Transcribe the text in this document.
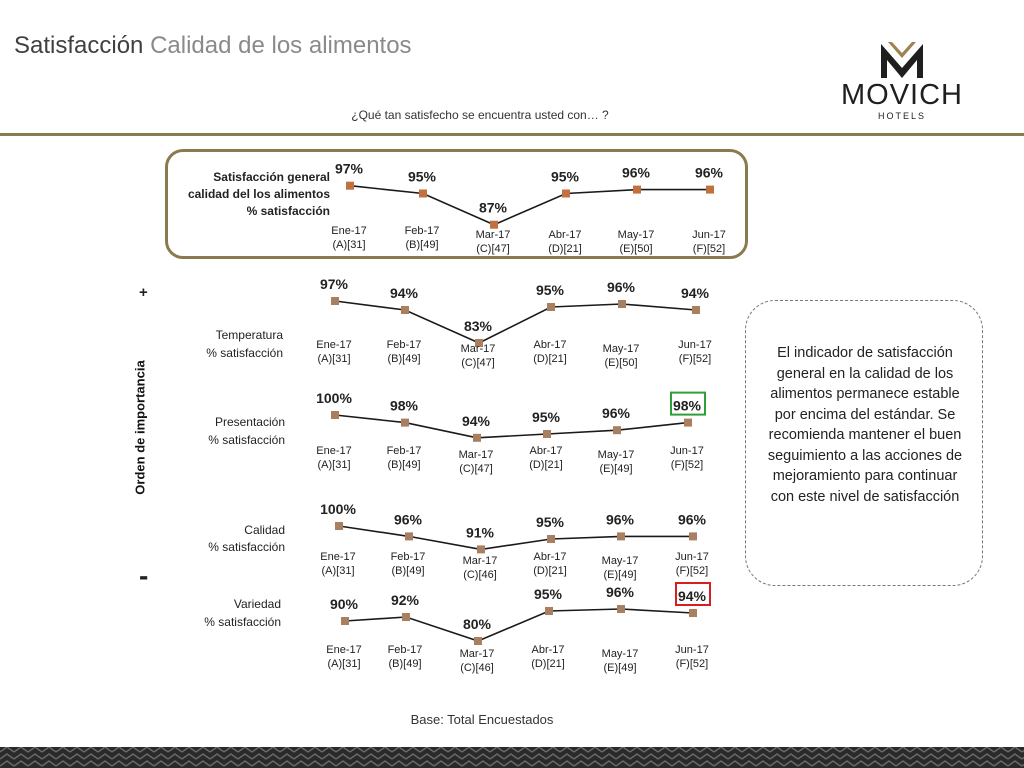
Satisfacción Calidad de los alimentos
¿Qué tan satisfecho se encuentra usted con… ?
MOVICH
HOTELS
97%
Ene-17
(A)[31]
95%
Feb-17
(B)[49]
87%
Mar-17
(C)[47]
95%
Abr-17
(D)[21]
96%
May-17
(E)[50]
96%
Jun-17
(F)[52]
Satisfacción general
calidad del los alimentos
% satisfacción
97%
Ene-17
(A)[31]
94%
Feb-17
(B)[49]
83%
Mar-17
(C)[47]
95%
Abr-17
(D)[21]
96%
May-17
(E)[50]
94%
Jun-17
(F)[52]
Temperatura
% satisfacción
100%
Ene-17
(A)[31]
98%
Feb-17
(B)[49]
94%
Mar-17
(C)[47]
95%
Abr-17
(D)[21]
96%
May-17
(E)[49]
98%
Jun-17
(F)[52]
Presentación
% satisfacción
100%
Ene-17
(A)[31]
96%
Feb-17
(B)[49]
91%
Mar-17
(C)[46]
95%
Abr-17
(D)[21]
96%
May-17
(E)[49]
96%
Jun-17
(F)[52]
Calidad
% satisfacción
90%
Ene-17
(A)[31]
92%
Feb-17
(B)[49]
80%
Mar-17
(C)[46]
95%
Abr-17
(D)[21]
96%
May-17
(E)[49]
94%
Jun-17
(F)[52]
Variedad
% satisfacción
+
Orden de importancia
-
El indicador de satisfacción general en la calidad de los alimentos permanece estable por encima del estándar. Se recomienda mantener el buen seguimiento a las acciones de mejoramiento para continuar con este nivel de satisfacción
Base: Total Encuestados
